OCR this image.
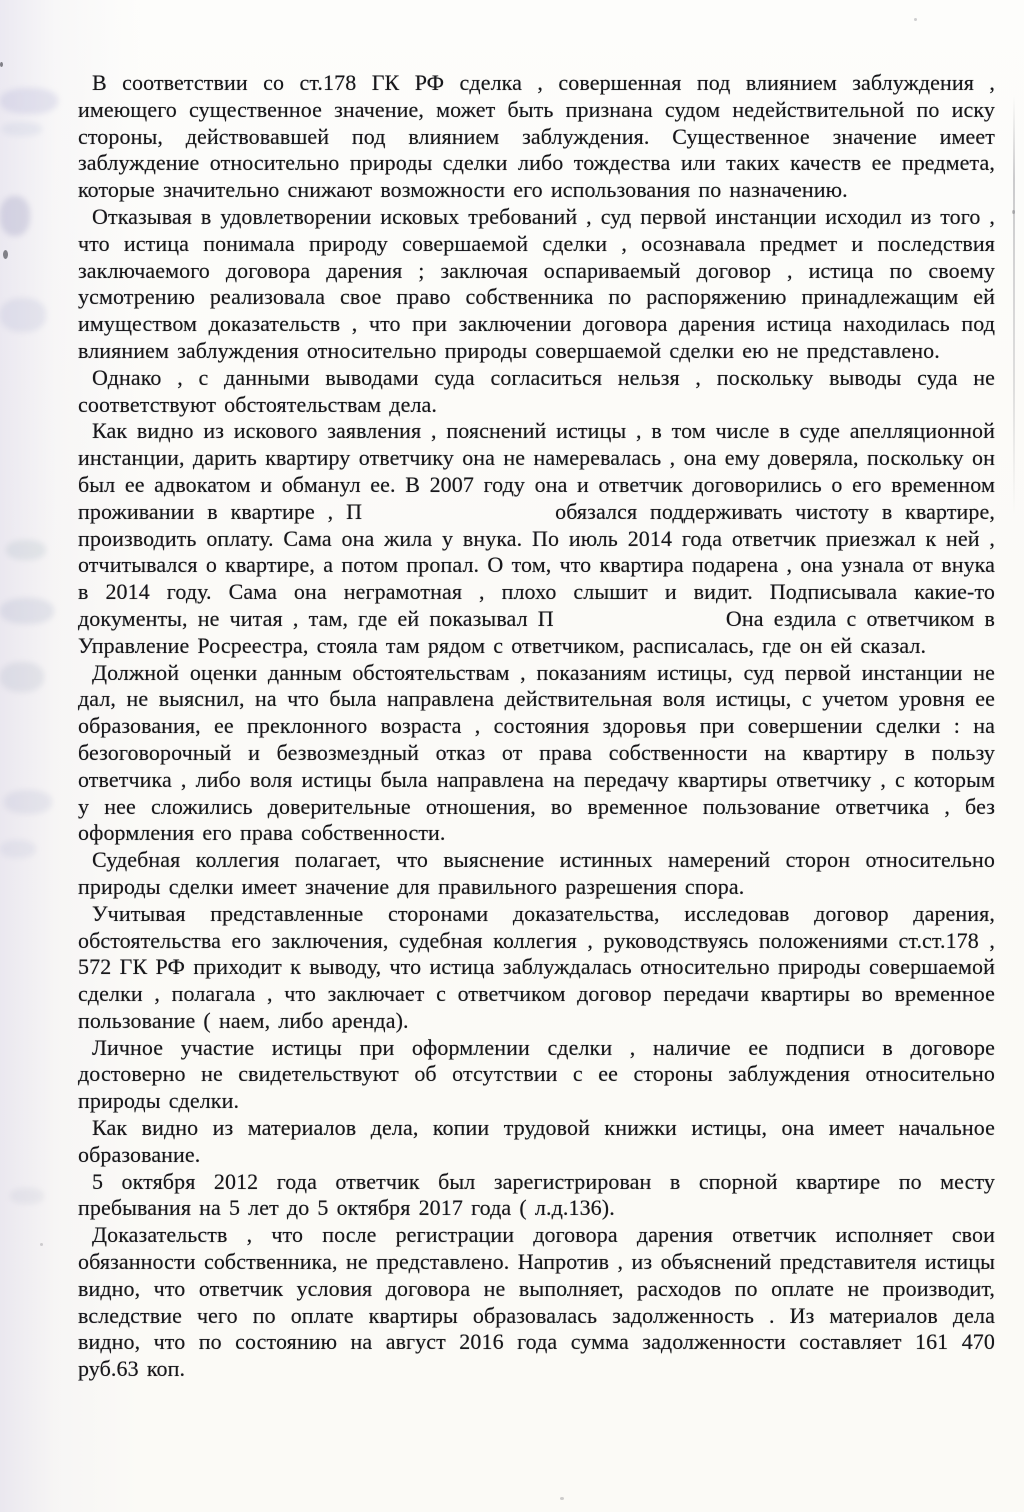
В соответствии со ст.178 ГК РФ сделка , совершенная под влиянием заблуждения , имеющего существенное значение, может быть признана судом недействительной по иску стороны, действовавшей под влиянием заблуждения. Существенное значение имеет заблуждение относительно природы сделки либо тождества или таких качеств ее предмета, которые значительно снижают возможности его использования по назначению.

Отказывая в удовлетворении исковых требований , суд первой инстанции исходил из того , что истица понимала природу совершаемой сделки , осознавала предмет и последствия заключаемого договора дарения ; заключая оспариваемый договор , истица по своему усмотрению реализовала свое право собственника по распоряжению принадлежащим ей имуществом доказательств , что при заключении договора дарения истица находилась под влиянием заблуждения относительно природы совершаемой сделки ею не представлено.

Однако , с данными выводами суда согласиться нельзя , поскольку выводы суда не соответствуют обстоятельствам дела.

Как видно из искового заявления , пояснений истицы , в том числе в суде апелляционной инстанции, дарить квартиру ответчику она не намеревалась , она ему доверяла, поскольку он был ее адвокатом и обманул ее. В 2007 году она и ответчик договорились о его временном проживании в квартире , П               обязался поддерживать чистоту в квартире, производить оплату. Сама она жила у внука. По июль 2014 года ответчик приезжал к ней , отчитывался о квартире, а потом пропал. О том, что квартира подарена , она узнала от внука в 2014 году. Сама она неграмотная , плохо слышит и видит. Подписывала какие-то документы, не читая , там, где ей показывал П                 Она ездила с ответчиком в Управление Росреестра, стояла там рядом с ответчиком, расписалась, где он ей сказал.

Должной оценки данным обстоятельствам , показаниям истицы, суд первой инстанции не дал, не выяснил, на что была направлена действительная воля истицы, с учетом уровня ее образования, ее преклонного возраста , состояния здоровья при совершении сделки : на безоговорочный и безвозмездный отказ от права собственности на квартиру в пользу ответчика , либо воля истицы была направлена на передачу квартиры ответчику , с которым у нее сложились доверительные отношения, во временное пользование ответчика , без оформления его права собственности.

Судебная коллегия полагает, что выяснение истинных намерений сторон относительно природы сделки имеет значение для правильного разрешения спора.

Учитывая представленные сторонами доказательства, исследовав договор дарения, обстоятельства его заключения, судебная коллегия , руководствуясь положениями ст.ст.178 , 572 ГК РФ приходит к выводу, что истица заблуждалась относительно природы совершаемой сделки , полагала , что заключает с ответчиком договор передачи квартиры во временное пользование ( наем, либо аренда).

Личное участие истицы при оформлении сделки , наличие ее подписи в договоре достоверно не свидетельствуют об отсутствии с ее стороны заблуждения относительно природы сделки.

Как видно из материалов дела, копии трудовой книжки истицы, она имеет начальное образование.

5 октября 2012 года ответчик был зарегистрирован в спорной квартире по месту пребывания на 5 лет до 5 октября 2017 года ( л.д.136).

Доказательств , что после регистрации договора дарения ответчик исполняет свои обязанности собственника, не представлено. Напротив , из объяснений представителя истицы видно, что ответчик условия договора не выполняет, расходов по оплате не производит, вследствие чего по оплате квартиры образовалась задолженность . Из материалов дела видно, что по состоянию на август 2016 года сумма задолженности составляет 161 470 руб.63 коп.
